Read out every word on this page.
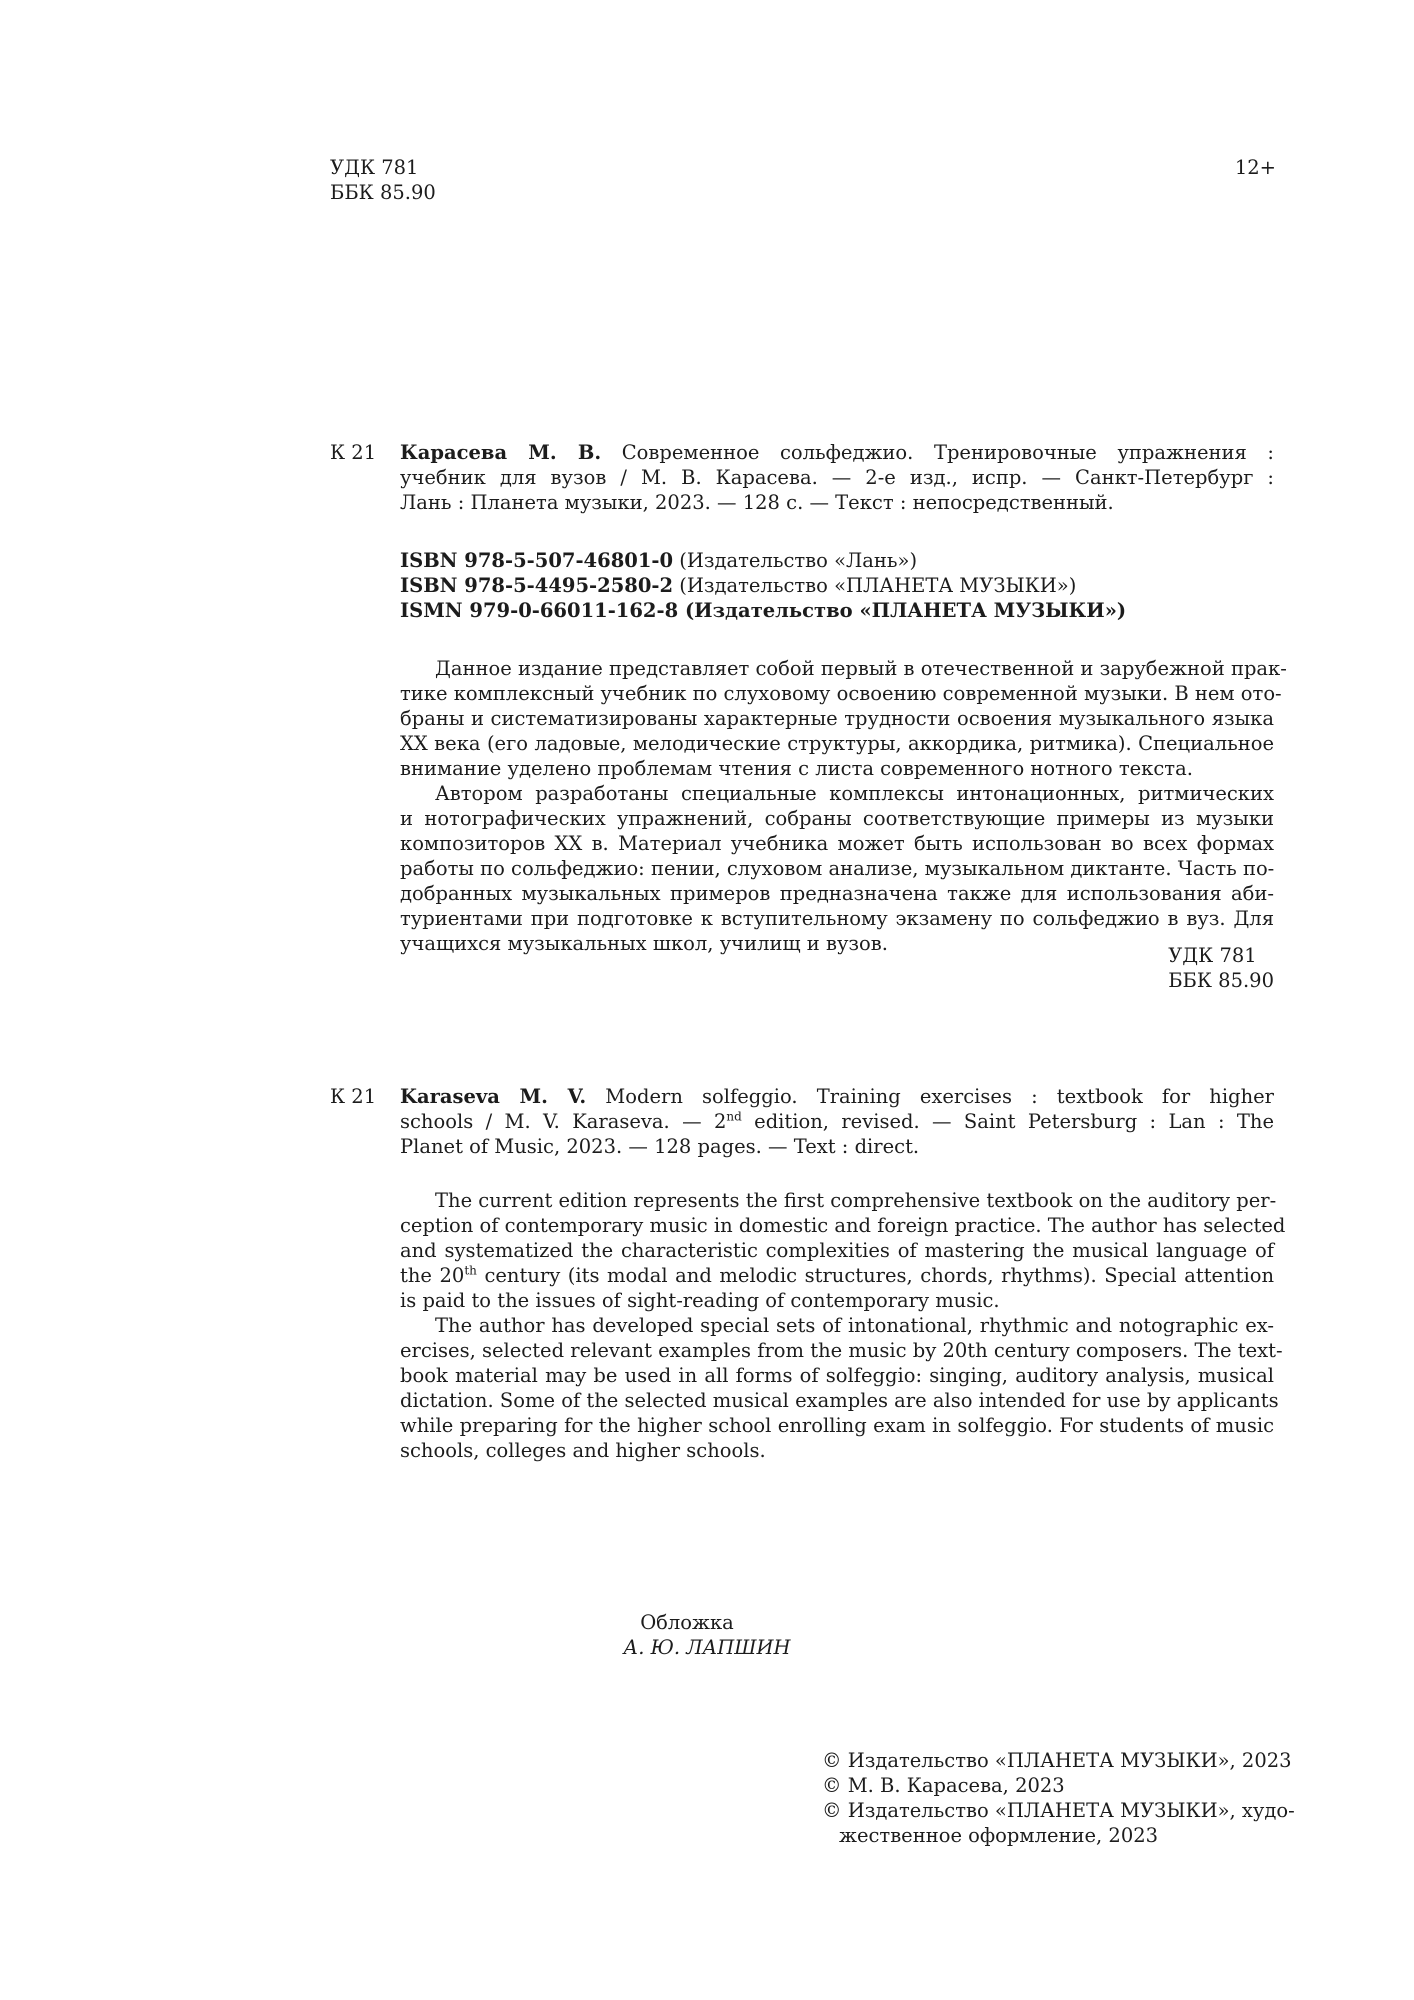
УДК 781
ББК 85.90
12+
К 21 Карасева М. В. Современное сольфеджио. Тренировочные упражнения :
учебник для вузов / М. В. Карасева. — 2-е изд., испр. — Санкт-Петербург :
Лань : Планета музыки, 2023. — 128 с. — Текст : непосредственный.
ISBN 978-5-507-46801-0 (Издательство «Лань»)
ISBN 978-5-4495-2580-2 (Издательство «ПЛАНЕТА МУЗЫКИ»)
ISMN 979-0-66011-162-8 (Издательство «ПЛАНЕТА МУЗЫКИ»)
Данное издание представляет собой первый в отечественной и зарубежной прак-
тике комплексный учебник по слуховому освоению современной музыки. В нем ото-
браны и систематизированы характерные трудности освоения музыкального языка
XX века (его ладовые, мелодические структуры, аккордика, ритмика). Специальное
внимание уделено проблемам чтения с листа современного нотного текста.
Автором разработаны специальные комплексы интонационных, ритмических
и нотографических упражнений, собраны соответствующие примеры из музыки
композиторов XX в. Материал учебника может быть использован во всех формах
работы по сольфеджио: пении, слуховом анализе, музыкальном диктанте. Часть по-
добранных музыкальных примеров предназначена также для использования аби-
туриентами при подготовке к вступительному экзамену по сольфеджио в вуз. Для
учащихся музыкальных школ, училищ и вузов.
УДК 781
ББК 85.90
К 21 Karaseva M. V. Modern solfeggio. Training exercises : textbook for higher
schools / M. V. Karaseva. — 2nd edition, revised. — Saint Petersburg : Lan : The
Planet of Music, 2023. — 128 pages. — Text : direct.
The current edition represents the first comprehensive textbook on the auditory per-
ception of contemporary music in domestic and foreign practice. The author has selected
and systematized the characteristic complexities of mastering the musical language of
the 20th century (its modal and melodic structures, chords, rhythms). Special attention
is paid to the issues of sight-reading of contemporary music.
The author has developed special sets of intonational, rhythmic and notographic ex-
ercises, selected relevant examples from the music by 20th century composers. The text-
book material may be used in all forms of solfeggio: singing, auditory analysis, musical
dictation. Some of the selected musical examples are also intended for use by applicants
while preparing for the higher school enrolling exam in solfeggio. For students of music
schools, colleges and higher schools.
Обложка
А. Ю. ЛАПШИН
© Издательство «ПЛАНЕТА МУЗЫКИ», 2023
© М. В. Карасева, 2023
© Издательство «ПЛАНЕТА МУЗЫКИ», худо-
жественное оформление, 2023
